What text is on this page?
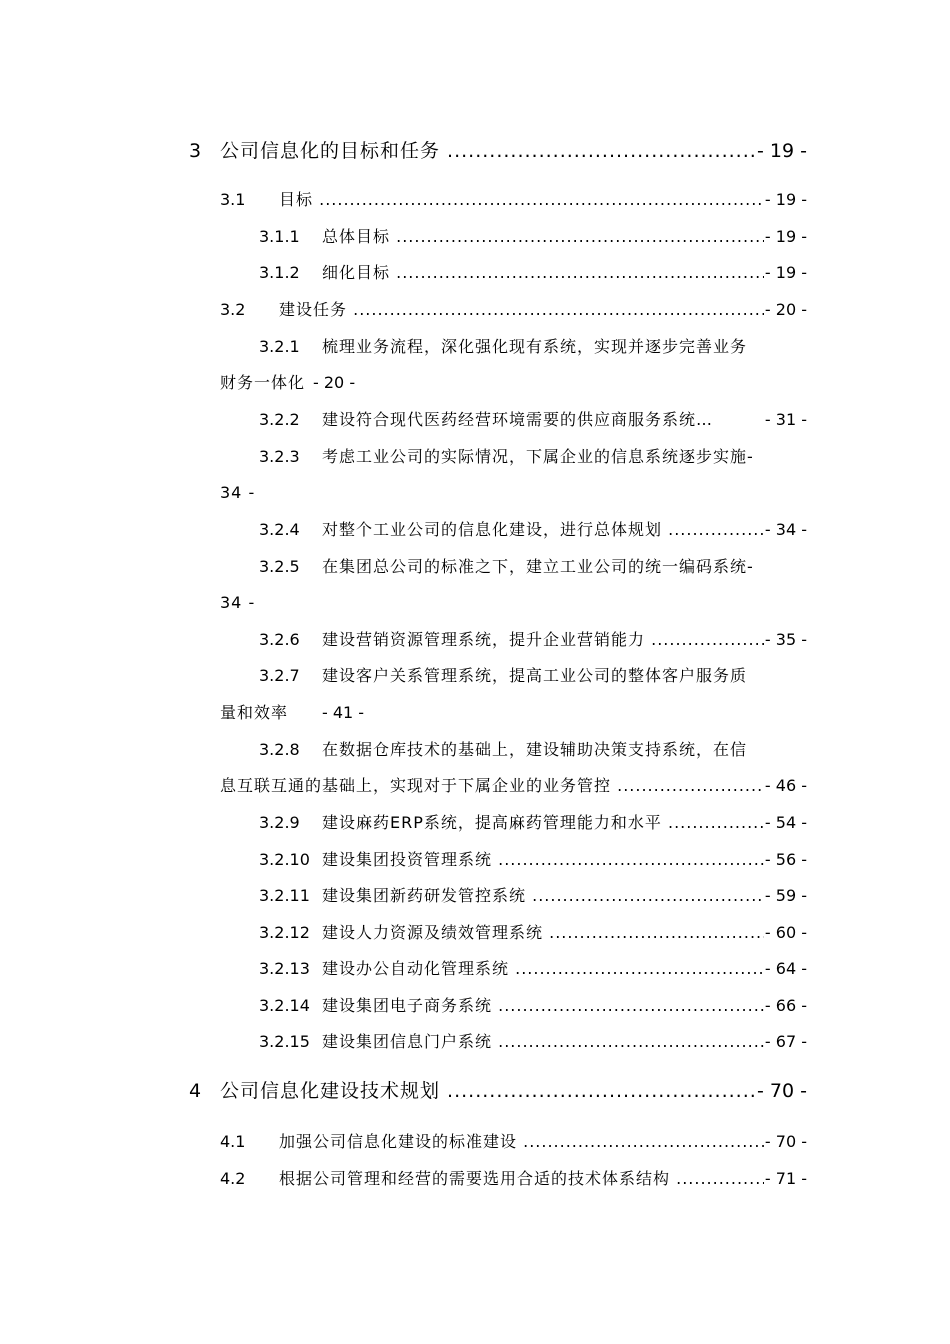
3 公司信息化的目标和任务 .....	- 19 -
3.1 目标 .....	- 19 -
3.1.1 总体目标 .....	- 19 -
3.1.2 细化目标 .....	- 19 -
3.2 建设任务 .....	- 20 -
3.2.1 梳理业务流程，深化强化现有系统，实现并逐步完善业务
财务一体化 - 20 -
3.2.2 建设符合现代医药经营环境需要的供应商服务系统…	- 31 -
3.2.3 考虑工业公司的实际情况，下属企业的信息系统逐步实施-
34 -
3.2.4 对整个工业公司的信息化建设，进行总体规划 .....	- 34 -
3.2.5 在集团总公司的标准之下，建立工业公司的统一编码系统-
34 -
3.2.6 建设营销资源管理系统，提升企业营销能力 .....	- 35 -
3.2.7 建设客户关系管理系统，提高工业公司的整体客户服务质
量和效率 - 41 -
3.2.8 在数据仓库技术的基础上，建设辅助决策支持系统，在信
息互联互通的基础上，实现对于下属企业的业务管控 .....	- 46 -
3.2.9 建设麻药ERP系统，提高麻药管理能力和水平 .....	- 54 -
3.2.10 建设集团投资管理系统 .....	- 56 -
3.2.11 建设集团新药研发管控系统 .....	- 59 -
3.2.12 建设人力资源及绩效管理系统 .....	- 60 -
3.2.13 建设办公自动化管理系统 .....	- 64 -
3.2.14 建设集团电子商务系统 .....	- 66 -
3.2.15 建设集团信息门户系统 .....	- 67 -
4 公司信息化建设技术规划 .....	- 70 -
4.1 加强公司信息化建设的标准建设 .....	- 70 -
4.2 根据公司管理和经营的需要选用合适的技术体系结构 .....	- 71 -
